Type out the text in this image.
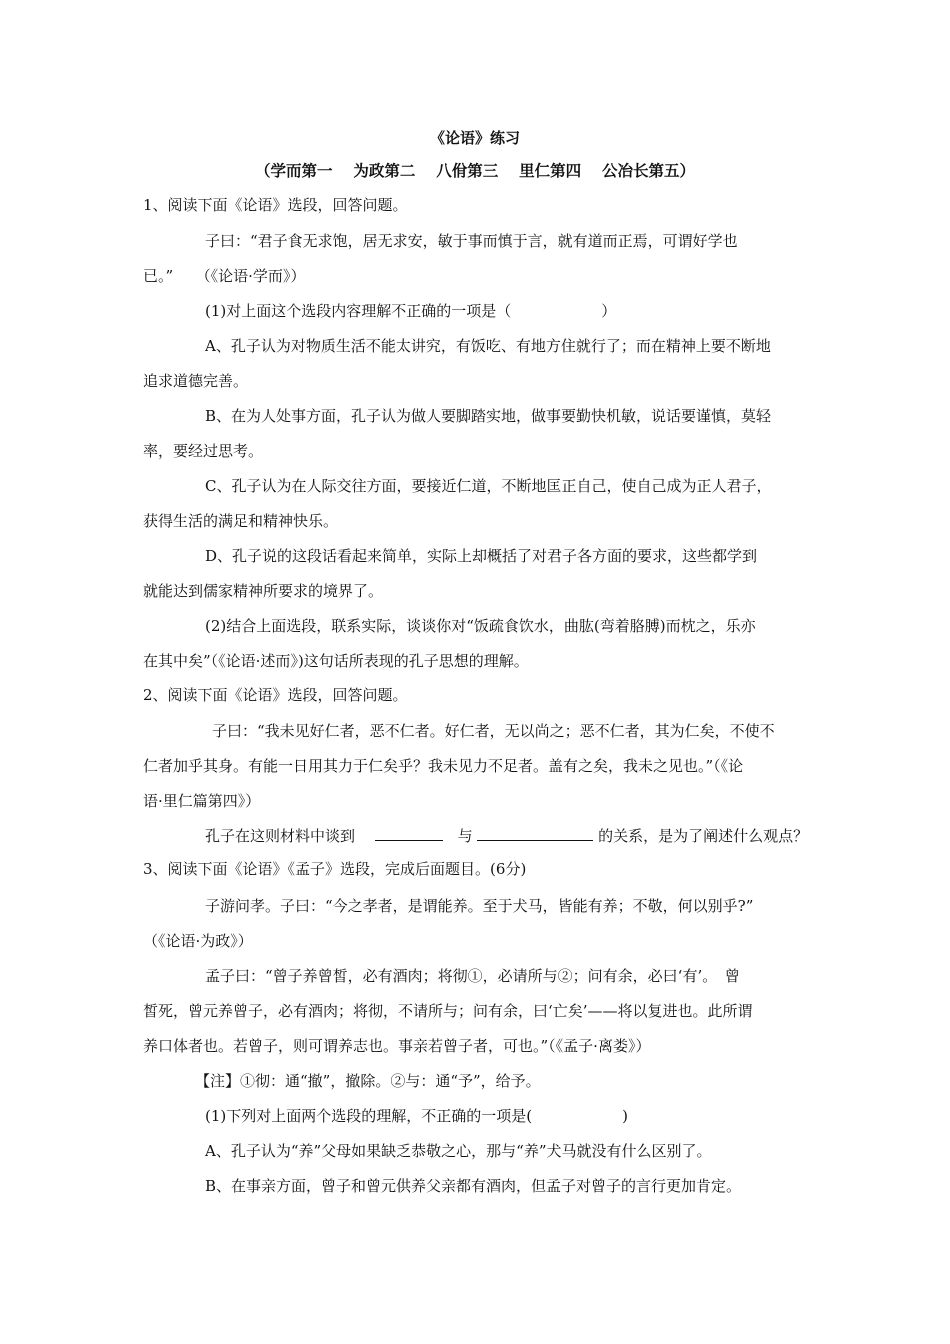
《论语》练习
（学而第一　 为政第二 　八佾第三　 里仁第四 　公冶长第五）
1、阅读下面《论语》选段，回答问题。
子曰：“君子食无求饱，居无求安，敏于事而慎于言，就有道而正焉，可谓好学也
已。”　　（《论语·学而》）
(1)对上面这个选段内容理解不正确的一项是（　　　　　　）
A、孔子认为对物质生活不能太讲究，有饭吃、有地方住就行了；而在精神上要不断地
追求道德完善。
B、在为人处事方面，孔子认为做人要脚踏实地，做事要勤快机敏，说话要谨慎，莫轻
率，要经过思考。
C、孔子认为在人际交往方面，要接近仁道，不断地匡正自己，使自己成为正人君子，
获得生活的满足和精神快乐。
D、孔子说的这段话看起来简单，实际上却概括了对君子各方面的要求，这些都学到
就能达到儒家精神所要求的境界了。
(2)结合上面选段，联系实际，谈谈你对“饭疏食饮水，曲肱(弯着胳膊)而枕之，乐亦
在其中矣”（《论语·述而》)这句话所表现的孔子思想的理解。
2、阅读下面《论语》选段，回答问题。
子曰：“我未见好仁者，恶不仁者。好仁者，无以尚之；恶不仁者，其为仁矣，不使不
仁者加乎其身。有能一日用其力于仁矣乎？我未见力不足者。盖有之矣，我未之见也。”（《论
语·里仁篇第四》）
孔子在这则材料中谈到　	与	的关系，是为了阐述什么观点？
3、阅读下面《论语》《孟子》选段，完成后面题目。(6分)
子游问孝。子曰：“今之孝者，是谓能养。至于犬马，皆能有养；不敬，何以别乎?”
（《论语·为政》）
孟子曰：“曾子养曾皙，必有酒肉；将彻①，必请所与②；问有余，必曰‘有’。　曾
皙死，曾元养曾子，必有酒肉；将彻，不请所与；问有余，曰‘亡矣’——将以复进也。此所谓
养口体者也。若曾子，则可谓养志也。事亲若曾子者，可也。”（《孟子·离娄》）
【注】①彻：通“撤”，撤除。②与：通“予”，给予。
(1)下列对上面两个选段的理解，不正确的一项是(　　　　　　)
A、孔子认为“养”父母如果缺乏恭敬之心，那与“养”犬马就没有什么区别了。
B、在事亲方面，曾子和曾元供养父亲都有酒肉，但孟子对曾子的言行更加肯定。
